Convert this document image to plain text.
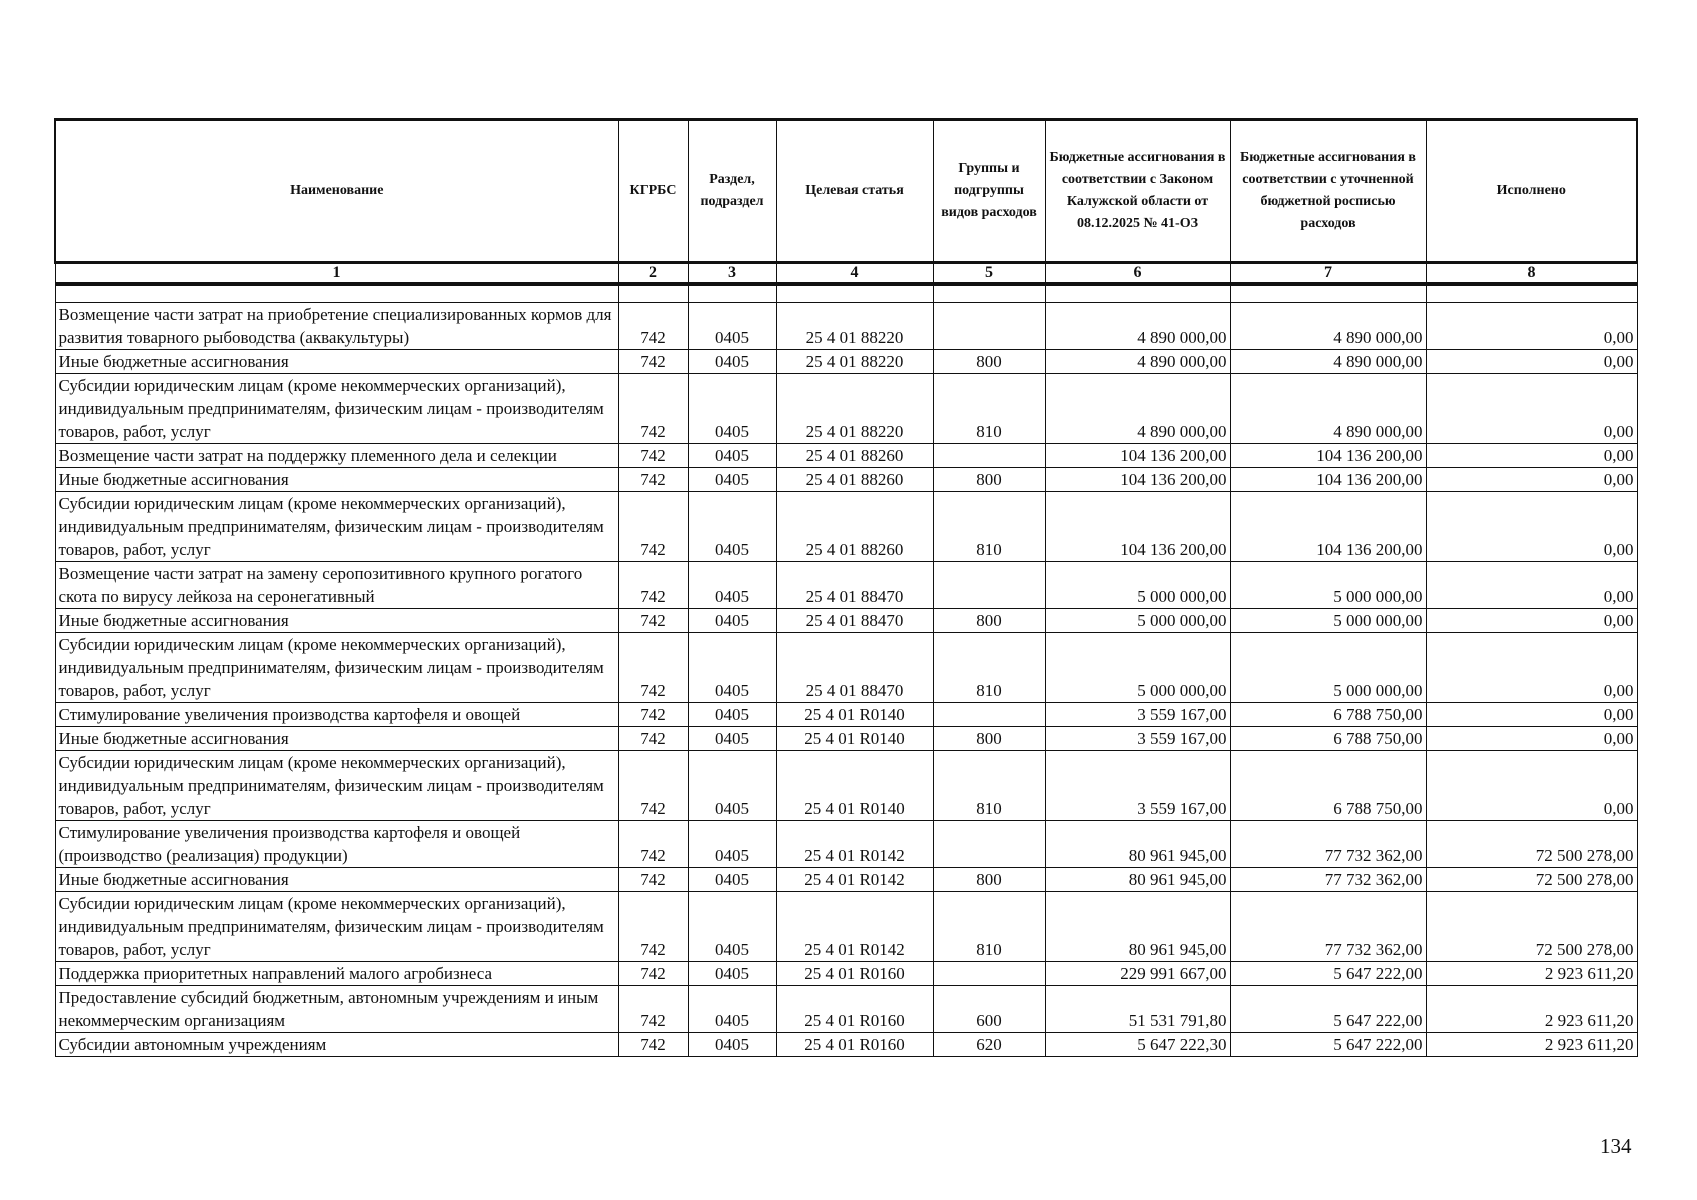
Наименование	КГРБС	Раздел, подраздел	Целевая статья	Группы и подгруппы видов расходов	Бюджетные ассигнования в соответствии с Законом Калужской области от 08.12.2025 № 41-ОЗ	Бюджетные ассигнования в соответствии с уточненной бюджетной росписью расходов	Исполнено
1	2	3	4	5	6	7	8

Возмещение части затрат на приобретение специализированных кормов для развития товарного рыбоводства (аквакультуры)	742	0405	25 4 01 88220		4 890 000,00	4 890 000,00	0,00
Иные бюджетные ассигнования	742	0405	25 4 01 88220	800	4 890 000,00	4 890 000,00	0,00
Субсидии юридическим лицам (кроме некоммерческих организаций), индивидуальным предпринимателям, физическим лицам - производителям товаров, работ, услуг	742	0405	25 4 01 88220	810	4 890 000,00	4 890 000,00	0,00
Возмещение части затрат на поддержку племенного дела и селекции	742	0405	25 4 01 88260		104 136 200,00	104 136 200,00	0,00
Иные бюджетные ассигнования	742	0405	25 4 01 88260	800	104 136 200,00	104 136 200,00	0,00
Субсидии юридическим лицам (кроме некоммерческих организаций), индивидуальным предпринимателям, физическим лицам - производителям товаров, работ, услуг	742	0405	25 4 01 88260	810	104 136 200,00	104 136 200,00	0,00
Возмещение части затрат на замену серопозитивного крупного рогатого скота по вирусу лейкоза на серонегативный	742	0405	25 4 01 88470		5 000 000,00	5 000 000,00	0,00
Иные бюджетные ассигнования	742	0405	25 4 01 88470	800	5 000 000,00	5 000 000,00	0,00
Субсидии юридическим лицам (кроме некоммерческих организаций), индивидуальным предпринимателям, физическим лицам - производителям товаров, работ, услуг	742	0405	25 4 01 88470	810	5 000 000,00	5 000 000,00	0,00
Стимулирование увеличения производства картофеля и овощей	742	0405	25 4 01 R0140		3 559 167,00	6 788 750,00	0,00
Иные бюджетные ассигнования	742	0405	25 4 01 R0140	800	3 559 167,00	6 788 750,00	0,00
Субсидии юридическим лицам (кроме некоммерческих организаций), индивидуальным предпринимателям, физическим лицам - производителям товаров, работ, услуг	742	0405	25 4 01 R0140	810	3 559 167,00	6 788 750,00	0,00
Стимулирование увеличения производства картофеля и овощей (производство (реализация) продукции)	742	0405	25 4 01 R0142		80 961 945,00	77 732 362,00	72 500 278,00
Иные бюджетные ассигнования	742	0405	25 4 01 R0142	800	80 961 945,00	77 732 362,00	72 500 278,00
Субсидии юридическим лицам (кроме некоммерческих организаций), индивидуальным предпринимателям, физическим лицам - производителям товаров, работ, услуг	742	0405	25 4 01 R0142	810	80 961 945,00	77 732 362,00	72 500 278,00
Поддержка приоритетных направлений малого агробизнеса	742	0405	25 4 01 R0160		229 991 667,00	5 647 222,00	2 923 611,20
Предоставление субсидий бюджетным, автономным учреждениям и иным некоммерческим организациям	742	0405	25 4 01 R0160	600	51 531 791,80	5 647 222,00	2 923 611,20
Субсидии автономным учреждениям	742	0405	25 4 01 R0160	620	5 647 222,30	5 647 222,00	2 923 611,20
134
